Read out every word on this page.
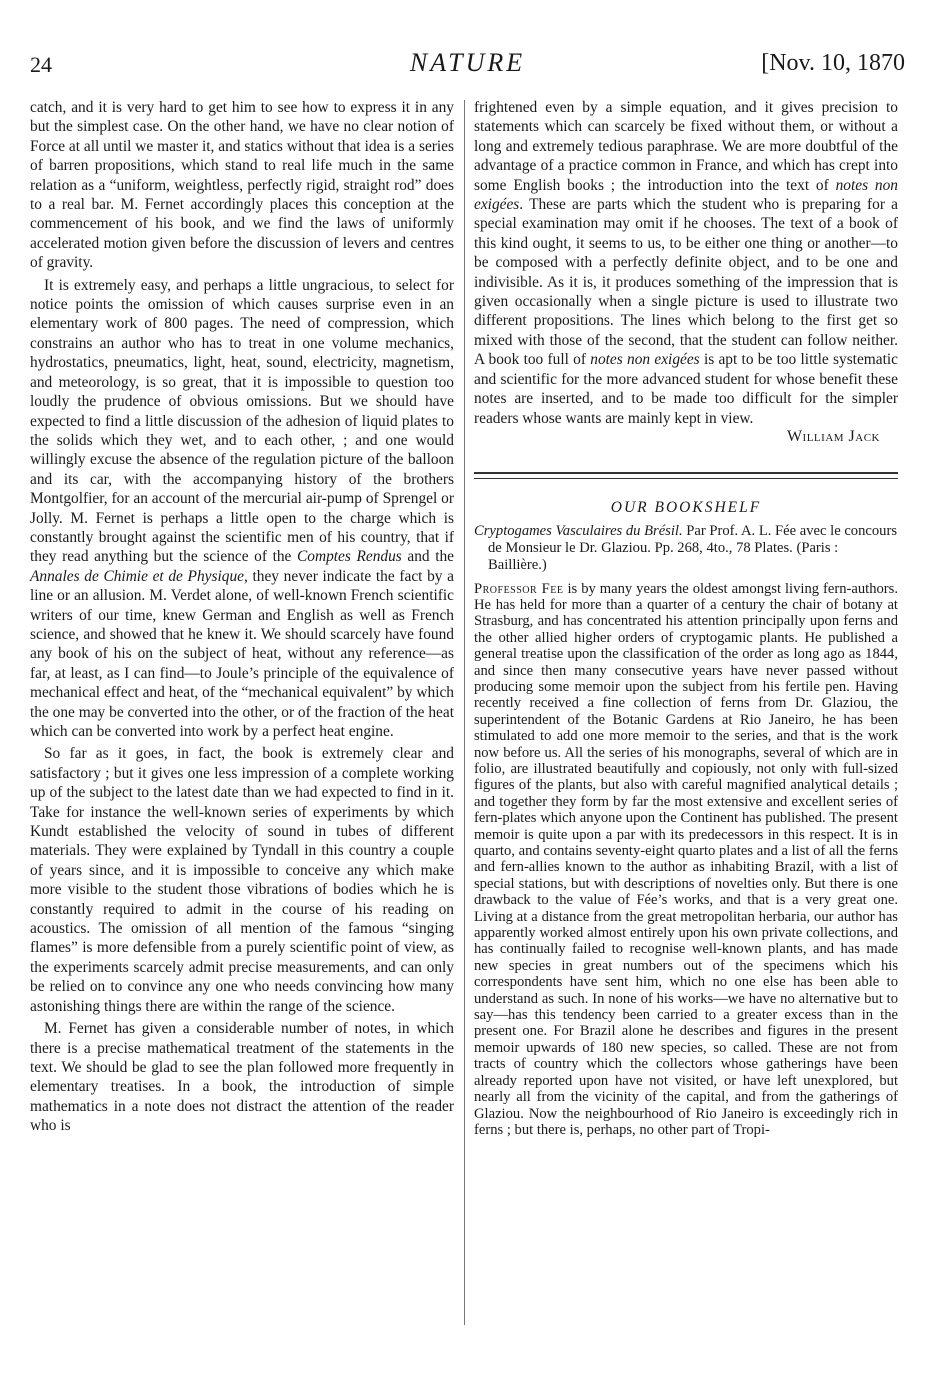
24	NATURE	[Nov. 10, 1870

catch, and it is very hard to get him to see how to express it in any but the simplest case. On the other hand, we have no clear notion of Force at all until we master it, and statics without that idea is a series of barren propositions, which stand to real life much in the same relation as a “uniform, weightless, perfectly rigid, straight rod” does to a real bar. M. Fernet accordingly places this conception at the commencement of his book, and we find the laws of uniformly accelerated motion given before the discussion of levers and centres of gravity.

It is extremely easy, and perhaps a little ungracious, to select for notice points the omission of which causes surprise even in an elementary work of 800 pages. The need of compression, which constrains an author who has to treat in one volume mechanics, hydrostatics, pneumatics, light, heat, sound, electricity, magnetism, and meteorology, is so great, that it is impossible to question too loudly the prudence of obvious omissions. But we should have expected to find a little discussion of the adhesion of liquid plates to the solids which they wet, and to each other, ; and one would willingly excuse the absence of the regulation picture of the balloon and its car, with the accompanying history of the brothers Montgolfier, for an account of the mercurial air-pump of Sprengel or Jolly. M. Fernet is perhaps a little open to the charge which is constantly brought against the scientific men of his country, that if they read anything but the science of the Comptes Rendus and the Annales de Chimie et de Physique, they never indicate the fact by a line or an allusion. M. Verdet alone, of well-known French scientific writers of our time, knew German and English as well as French science, and showed that he knew it. We should scarcely have found any book of his on the subject of heat, without any reference—as far, at least, as I can find—to Joule’s principle of the equivalence of mechanical effect and heat, of the “mechanical equivalent” by which the one may be converted into the other, or of the fraction of the heat which can be converted into work by a perfect heat engine.

So far as it goes, in fact, the book is extremely clear and satisfactory ; but it gives one less impression of a complete working up of the subject to the latest date than we had expected to find in it. Take for instance the well-known series of experiments by which Kundt established the velocity of sound in tubes of different materials. They were explained by Tyndall in this country a couple of years since, and it is impossible to conceive any which make more visible to the student those vibrations of bodies which he is constantly required to admit in the course of his reading on acoustics. The omission of all mention of the famous “singing flames” is more defensible from a purely scientific point of view, as the experiments scarcely admit precise measurements, and can only be relied on to convince any one who needs convincing how many astonishing things there are within the range of the science.

M. Fernet has given a considerable number of notes, in which there is a precise mathematical treatment of the statements in the text. We should be glad to see the plan followed more frequently in elementary treatises. In a book, the introduction of simple mathematics in a note does not distract the attention of the reader who is

frightened even by a simple equation, and it gives precision to statements which can scarcely be fixed without them, or without a long and extremely tedious paraphrase. We are more doubtful of the advantage of a practice common in France, and which has crept into some English books ; the introduction into the text of notes non exigées. These are parts which the student who is preparing for a special examination may omit if he chooses. The text of a book of this kind ought, it seems to us, to be either one thing or another—to be composed with a perfectly definite object, and to be one and indivisible. As it is, it produces something of the impression that is given occasionally when a single picture is used to illustrate two different propositions. The lines which belong to the first get so mixed with those of the second, that the student can follow neither. A book too full of notes non exigées is apt to be too little systematic and scientific for the more advanced student for whose benefit these notes are inserted, and to be made too difficult for the simpler readers whose wants are mainly kept in view.

William Jack
OUR BOOKSHELF
Cryptogames Vasculaires du Brésil. Par Prof. A. L. Fée avec le concours de Monsieur le Dr. Glaziou. Pp. 268, 4to., 78 Plates. (Paris : Baillière.)

Professor Fee is by many years the oldest amongst living fern-authors. He has held for more than a quarter of a century the chair of botany at Strasburg, and has concentrated his attention principally upon ferns and the other allied higher orders of cryptogamic plants. He published a general treatise upon the classification of the order as long ago as 1844, and since then many consecutive years have never passed without producing some memoir upon the subject from his fertile pen. Having recently received a fine collection of ferns from Dr. Glaziou, the superintendent of the Botanic Gardens at Rio Janeiro, he has been stimulated to add one more memoir to the series, and that is the work now before us. All the series of his monographs, several of which are in folio, are illustrated beautifully and copiously, not only with full-sized figures of the plants, but also with careful magnified analytical details ; and together they form by far the most extensive and excellent series of fern-plates which anyone upon the Continent has published. The present memoir is quite upon a par with its predecessors in this respect. It is in quarto, and contains seventy-eight quarto plates and a list of all the ferns and fern-allies known to the author as inhabiting Brazil, with a list of special stations, but with descriptions of novelties only. But there is one drawback to the value of Fée’s works, and that is a very great one. Living at a distance from the great metropolitan herbaria, our author has apparently worked almost entirely upon his own private collections, and has continually failed to recognise well-known plants, and has made new species in great numbers out of the specimens which his correspondents have sent him, which no one else has been able to understand as such. In none of his works—we have no alternative but to say—has this tendency been carried to a greater excess than in the present one. For Brazil alone he describes and figures in the present memoir upwards of 180 new species, so called. These are not from tracts of country which the collectors whose gatherings have been already reported upon have not visited, or have left unexplored, but nearly all from the vicinity of the capital, and from the gatherings of Glaziou. Now the neighbourhood of Rio Janeiro is exceedingly rich in ferns ; but there is, perhaps, no other part of Tropi-
